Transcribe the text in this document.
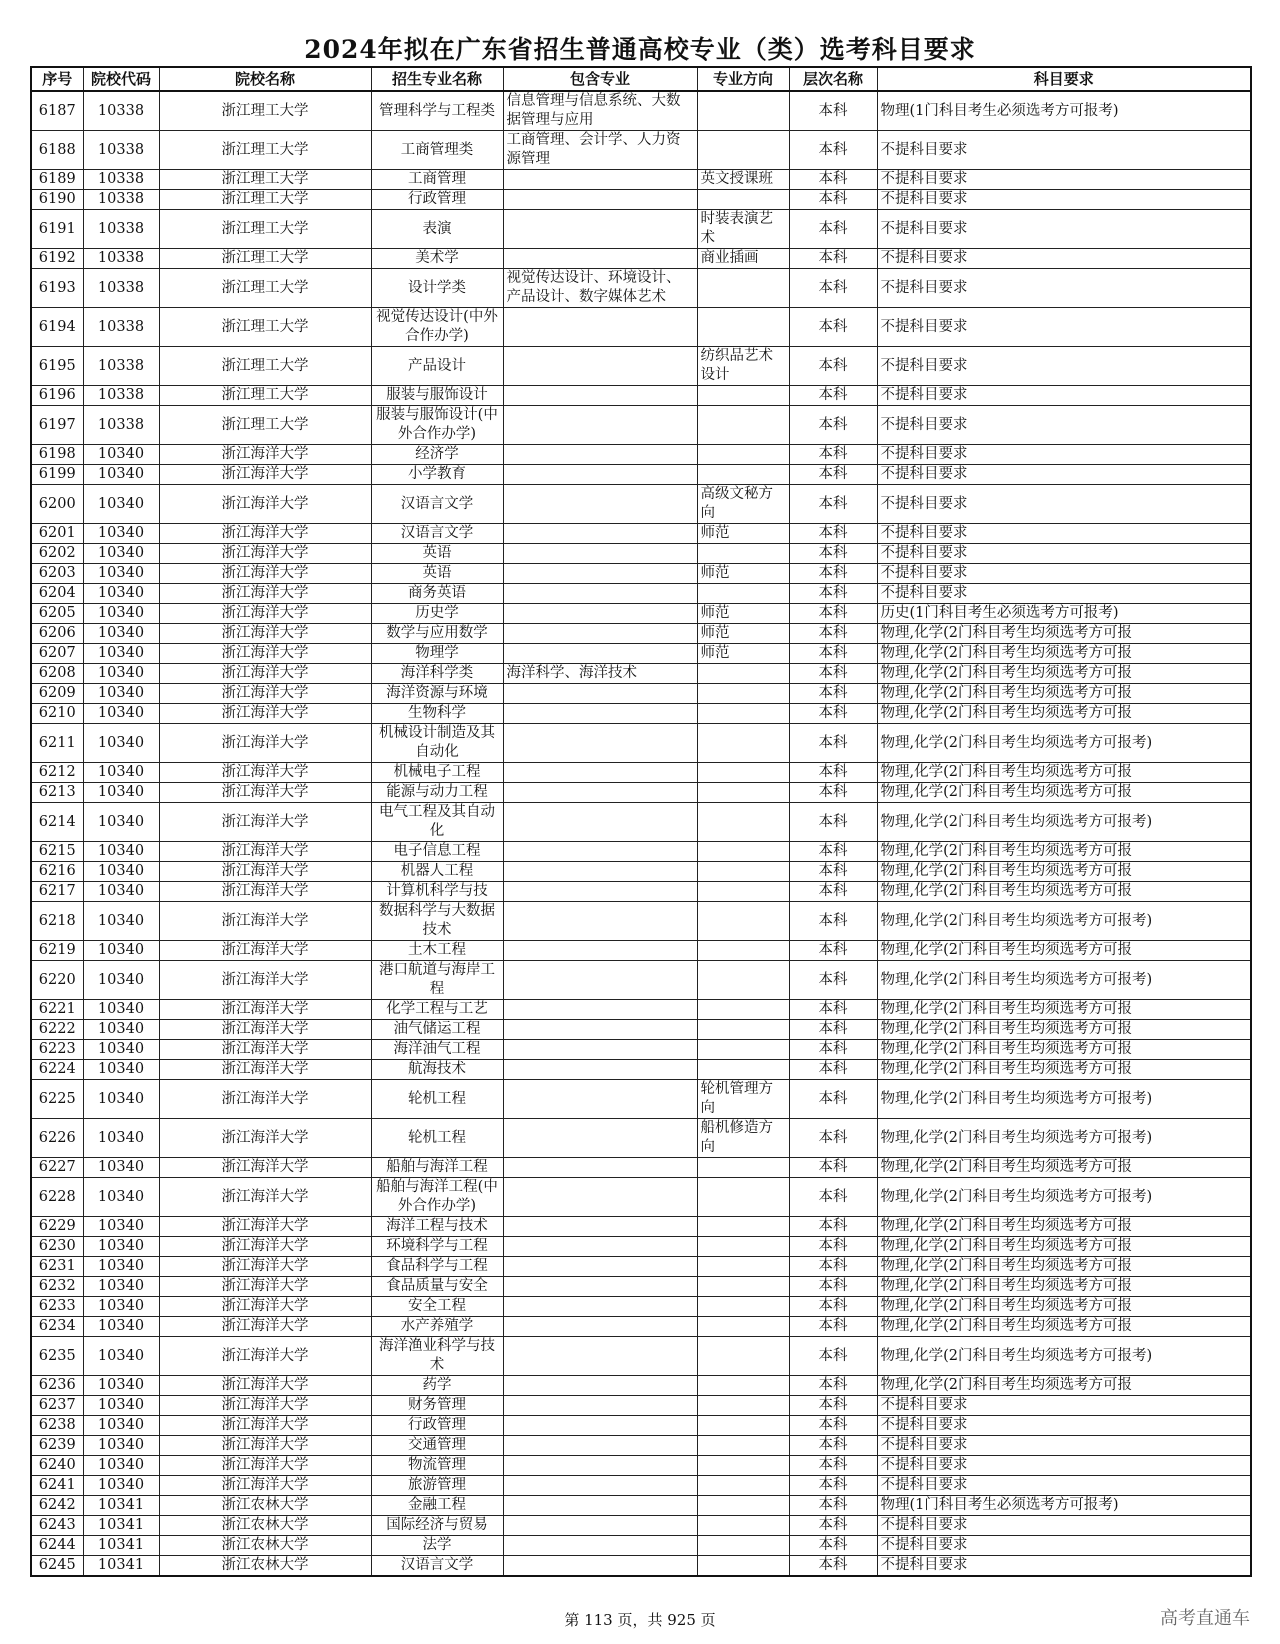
2024年拟在广东省招生普通高校专业（类）选考科目要求
序号	院校代码	院校名称	招生专业名称	包含专业	专业方向	层次名称	科目要求
6187	10338	浙江理工大学	管理科学与工程类	信息管理与信息系统、大数据管理与应用		本科	物理(1门科目考生必须选考方可报考)
6188	10338	浙江理工大学	工商管理类	工商管理、会计学、人力资源管理		本科	不提科目要求
6189	10338	浙江理工大学	工商管理		英文授课班	本科	不提科目要求
6190	10338	浙江理工大学	行政管理			本科	不提科目要求
6191	10338	浙江理工大学	表演		时装表演艺术	本科	不提科目要求
6192	10338	浙江理工大学	美术学		商业插画	本科	不提科目要求
6193	10338	浙江理工大学	设计学类	视觉传达设计、环境设计、产品设计、数字媒体艺术		本科	不提科目要求
6194	10338	浙江理工大学	视觉传达设计(中外合作办学)			本科	不提科目要求
6195	10338	浙江理工大学	产品设计		纺织品艺术设计	本科	不提科目要求
6196	10338	浙江理工大学	服装与服饰设计			本科	不提科目要求
6197	10338	浙江理工大学	服装与服饰设计(中外合作办学)			本科	不提科目要求
6198	10340	浙江海洋大学	经济学			本科	不提科目要求
6199	10340	浙江海洋大学	小学教育			本科	不提科目要求
6200	10340	浙江海洋大学	汉语言文学		高级文秘方向	本科	不提科目要求
6201	10340	浙江海洋大学	汉语言文学		师范	本科	不提科目要求
6202	10340	浙江海洋大学	英语			本科	不提科目要求
6203	10340	浙江海洋大学	英语		师范	本科	不提科目要求
6204	10340	浙江海洋大学	商务英语			本科	不提科目要求
6205	10340	浙江海洋大学	历史学		师范	本科	历史(1门科目考生必须选考方可报考)
6206	10340	浙江海洋大学	数学与应用数学		师范	本科	物理,化学(2门科目考生均须选考方可报
6207	10340	浙江海洋大学	物理学		师范	本科	物理,化学(2门科目考生均须选考方可报
6208	10340	浙江海洋大学	海洋科学类	海洋科学、海洋技术		本科	物理,化学(2门科目考生均须选考方可报
6209	10340	浙江海洋大学	海洋资源与环境			本科	物理,化学(2门科目考生均须选考方可报
6210	10340	浙江海洋大学	生物科学			本科	物理,化学(2门科目考生均须选考方可报
6211	10340	浙江海洋大学	机械设计制造及其自动化			本科	物理,化学(2门科目考生均须选考方可报考)
6212	10340	浙江海洋大学	机械电子工程			本科	物理,化学(2门科目考生均须选考方可报
6213	10340	浙江海洋大学	能源与动力工程			本科	物理,化学(2门科目考生均须选考方可报
6214	10340	浙江海洋大学	电气工程及其自动化			本科	物理,化学(2门科目考生均须选考方可报考)
6215	10340	浙江海洋大学	电子信息工程			本科	物理,化学(2门科目考生均须选考方可报
6216	10340	浙江海洋大学	机器人工程			本科	物理,化学(2门科目考生均须选考方可报
6217	10340	浙江海洋大学	计算机科学与技			本科	物理,化学(2门科目考生均须选考方可报
6218	10340	浙江海洋大学	数据科学与大数据技术			本科	物理,化学(2门科目考生均须选考方可报考)
6219	10340	浙江海洋大学	土木工程			本科	物理,化学(2门科目考生均须选考方可报
6220	10340	浙江海洋大学	港口航道与海岸工程			本科	物理,化学(2门科目考生均须选考方可报考)
6221	10340	浙江海洋大学	化学工程与工艺			本科	物理,化学(2门科目考生均须选考方可报
6222	10340	浙江海洋大学	油气储运工程			本科	物理,化学(2门科目考生均须选考方可报
6223	10340	浙江海洋大学	海洋油气工程			本科	物理,化学(2门科目考生均须选考方可报
6224	10340	浙江海洋大学	航海技术			本科	物理,化学(2门科目考生均须选考方可报
6225	10340	浙江海洋大学	轮机工程		轮机管理方向	本科	物理,化学(2门科目考生均须选考方可报考)
6226	10340	浙江海洋大学	轮机工程		船机修造方向	本科	物理,化学(2门科目考生均须选考方可报考)
6227	10340	浙江海洋大学	船舶与海洋工程			本科	物理,化学(2门科目考生均须选考方可报
6228	10340	浙江海洋大学	船舶与海洋工程(中外合作办学)			本科	物理,化学(2门科目考生均须选考方可报考)
6229	10340	浙江海洋大学	海洋工程与技术			本科	物理,化学(2门科目考生均须选考方可报
6230	10340	浙江海洋大学	环境科学与工程			本科	物理,化学(2门科目考生均须选考方可报
6231	10340	浙江海洋大学	食品科学与工程			本科	物理,化学(2门科目考生均须选考方可报
6232	10340	浙江海洋大学	食品质量与安全			本科	物理,化学(2门科目考生均须选考方可报
6233	10340	浙江海洋大学	安全工程			本科	物理,化学(2门科目考生均须选考方可报
6234	10340	浙江海洋大学	水产养殖学			本科	物理,化学(2门科目考生均须选考方可报
6235	10340	浙江海洋大学	海洋渔业科学与技术			本科	物理,化学(2门科目考生均须选考方可报考)
6236	10340	浙江海洋大学	药学			本科	物理,化学(2门科目考生均须选考方可报
6237	10340	浙江海洋大学	财务管理			本科	不提科目要求
6238	10340	浙江海洋大学	行政管理			本科	不提科目要求
6239	10340	浙江海洋大学	交通管理			本科	不提科目要求
6240	10340	浙江海洋大学	物流管理			本科	不提科目要求
6241	10340	浙江海洋大学	旅游管理			本科	不提科目要求
6242	10341	浙江农林大学	金融工程			本科	物理(1门科目考生必须选考方可报考)
6243	10341	浙江农林大学	国际经济与贸易			本科	不提科目要求
6244	10341	浙江农林大学	法学			本科	不提科目要求
6245	10341	浙江农林大学	汉语言文学			本科	不提科目要求
第 113 页，共 925 页	高考直通车
